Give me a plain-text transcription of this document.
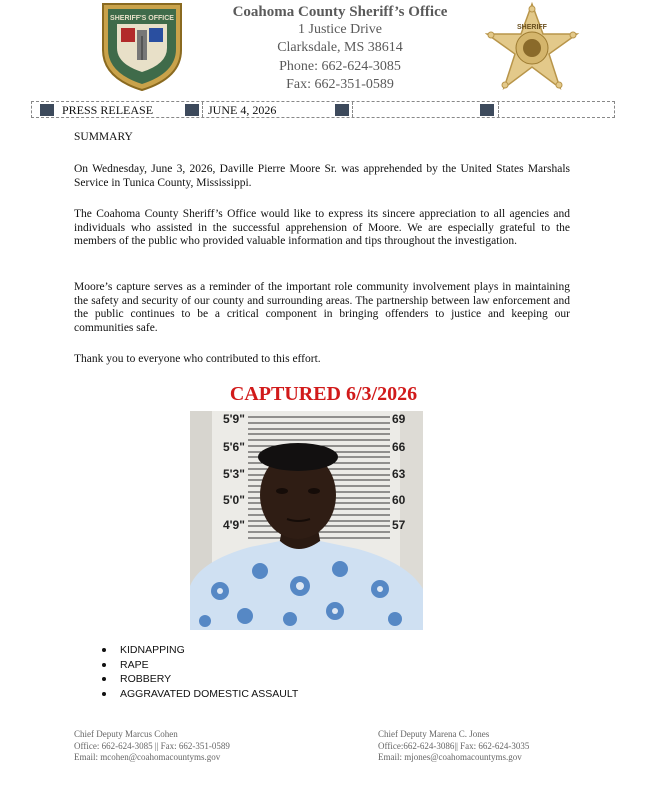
SHERIFF'S OFFICE	Coahoma County Sheriff’s Office
1 Justice Drive
Clarksdale, MS 38614
Phone: 662-624-3085
Fax: 662-351-0589
SHERIFF
PRESS RELEASE	JUNE 4, 2026
SUMMARY

On Wednesday, June 3, 2026, Daville Pierre Moore Sr. was apprehended by the United States Marshals Service in Tunica County, Mississippi.

The Coahoma County Sheriff’s Office would like to express its sincere appreciation to all agencies and individuals who assisted in the successful apprehension of Moore. We are especially grateful to the members of the public who provided valuable information and tips throughout the investigation.

Moore’s capture serves as a reminder of the important role community involvement plays in maintaining the safety and security of our county and surrounding areas. The partnership between law enforcement and the public continues to be a critical component in bringing offenders to justice and keeping our communities safe.

Thank you to everyone who contributed to this effort.

CAPTURED 6/3/2026
5'9"
5'6"
5'3"
5'0"
4'9"
69
66
63
60
57
KIDNAPPING
RAPE
ROBBERY
AGGRAVATED DOMESTIC ASSAULT
Chief Deputy Marcus Cohen
Office: 662-624-3085 || Fax: 662-351-0589
Email: mcohen@coahomacountyms.gov
Chief Deputy Marena C. Jones
Office:662-624-3086|| Fax: 662-624-3035
Email: mjones@coahomacountyms.gov
